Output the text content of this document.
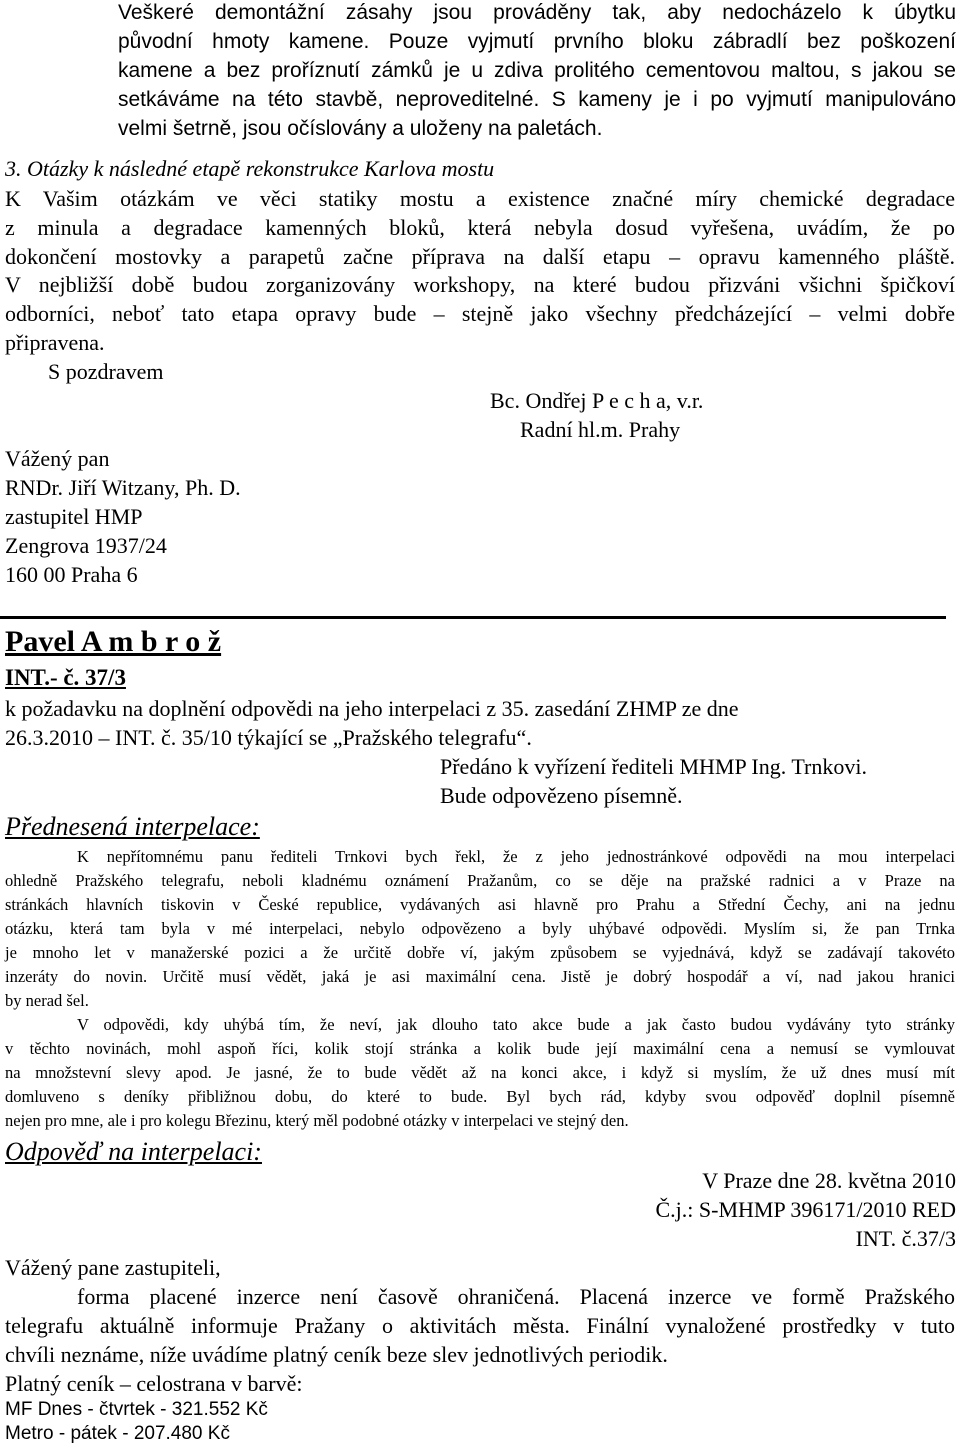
Veškeré demontážní zásahy jsou prováděny tak, aby nedocházelo k úbytku
původní hmoty kamene. Pouze vyjmutí prvního bloku zábradlí bez poškození
kamene a bez proříznutí zámků je u zdiva prolitého cementovou maltou, s jakou se
setkáváme na této stavbě, neproveditelné. S kameny je i po vyjmutí manipulováno
velmi šetrně, jsou očíslovány a uloženy na paletách.
3. Otázky k následné etapě rekonstrukce Karlova mostu
K Vašim otázkám ve věci statiky mostu a existence značné míry chemické degradace
z minula a degradace kamenných bloků, která nebyla dosud vyřešena, uvádím, že po
dokončení mostovky a parapetů začne příprava na další etapu – opravu kamenného pláště.
V nejbližší době budou zorganizovány workshopy, na které budou přizváni všichni špičkoví
odborníci, neboť tato etapa opravy bude – stejně jako všechny předcházející – velmi dobře
připravena.
S pozdravem
Bc. Ondřej P e c h a, v.r.
Radní hl.m. Prahy
Vážený pan
RNDr. Jiří Witzany, Ph. D.
zastupitel HMP
Zengrova 1937/24
160 00 Praha 6
Pavel A m b r o ž
INT.- č. 37/3
k požadavku na doplnění odpovědi na jeho interpelaci z 35. zasedání ZHMP ze dne
26.3.2010 – INT. č. 35/10 týkající se „Pražského telegrafu“.
Předáno k vyřízení řediteli MHMP Ing. Trnkovi.
Bude odpovězeno písemně.
Přednesená interpelace:
K nepřítomnému panu řediteli Trnkovi bych řekl, že z jeho jednostránkové odpovědi na mou interpelaci
ohledně Pražského telegrafu, neboli kladnému oznámení Pražanům, co se děje na pražské radnici a v Praze na
stránkách hlavních tiskovin v České republice, vydávaných asi hlavně pro Prahu a Střední Čechy, ani na jednu
otázku, která tam byla v mé interpelaci, nebylo odpovězeno a byly uhýbavé odpovědi. Myslím si, že pan Trnka
je mnoho let v manažerské pozici a že určitě dobře ví, jakým způsobem se vyjednává, když se zadávají takovéto
inzeráty do novin. Určitě musí vědět, jaká je asi maximální cena. Jistě je dobrý hospodář a ví, nad jakou hranici
by nerad šel.
V odpovědi, kdy uhýbá tím, že neví, jak dlouho tato akce bude a jak často budou vydávány tyto stránky
v těchto novinách, mohl aspoň říci, kolik stojí stránka a kolik bude její maximální cena a nemusí se vymlouvat
na množstevní slevy apod. Je jasné, že to bude vědět až na konci akce, i když si myslím, že už dnes musí mít
domluveno s deníky přibližnou dobu, do které to bude. Byl bych rád, kdyby svou odpověď doplnil písemně
nejen pro mne, ale i pro kolegu Březinu, který měl podobné otázky v interpelaci ve stejný den.
Odpověď na interpelaci:
V Praze dne 28. května 2010
Č.j.: S-MHMP 396171/2010 RED
INT. č.37/3
Vážený pane zastupiteli,
forma placené inzerce není časově ohraničená. Placená inzerce ve formě Pražského
telegrafu aktuálně informuje Pražany o aktivitách města. Finální vynaložené prostředky v tuto
chvíli neznáme, níže uvádíme platný ceník beze slev jednotlivých periodik.
Platný ceník – celostrana v barvě:
MF Dnes - čtvrtek - 321.552 Kč
Metro - pátek - 207.480 Kč
